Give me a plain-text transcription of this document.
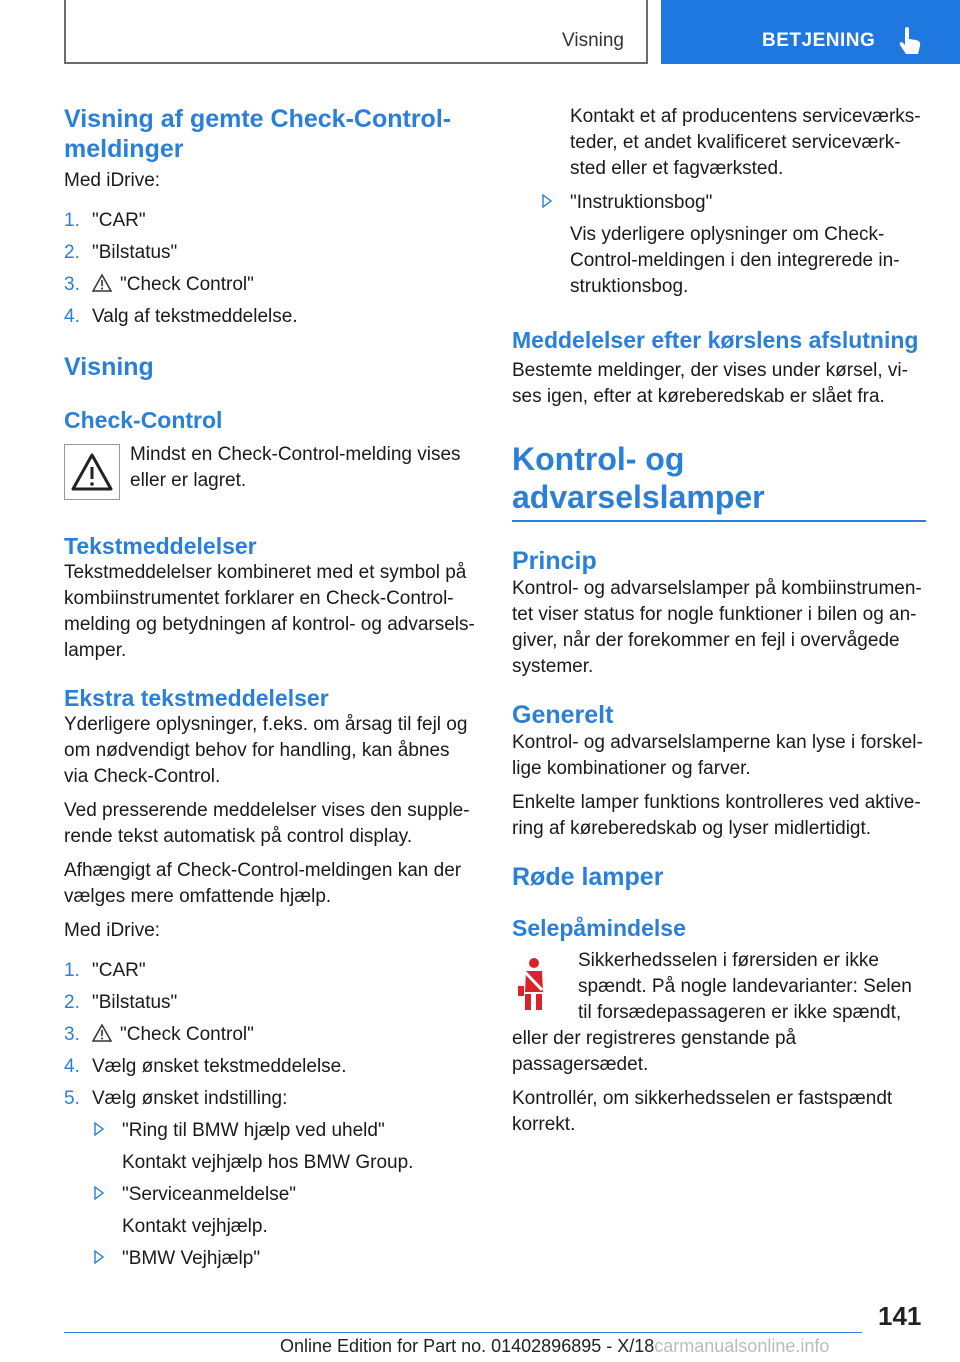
Visning	BETJENING
Visning af gemte Check-Control-meldinger

Med iDrive:

1. "CAR"
2. "Bilstatus"
3. "Check Control"
4. Valg af tekstmeddelelse.
Visning
Check-Control

Mindst en Check-Control-melding vises eller er lagret.

Tekstmeddelelser

Tekstmeddelelser kombineret med et symbol på kombiinstrumentet forklarer en Check-Control-melding og betydningen af kontrol- og advarsels-lamper.

Ekstra tekstmeddelelser

Yderligere oplysninger, f.eks. om årsag til fejl og om nødvendigt behov for handling, kan åbnes via Check-Control.

Ved presserende meddelelser vises den supple-rende tekst automatisk på control display.

Afhængigt af Check-Control-meldingen kan der vælges mere omfattende hjælp.

Med iDrive:

1. "CAR"
2. "Bilstatus"
3. "Check Control"
4. Vælg ønsket tekstmeddelelse.
5. Vælg ønsket indstilling:
"Ring til BMW hjælp ved uheld"
Kontakt vejhjælp hos BMW Group.
"Serviceanmeldelse"
Kontakt vejhjælp.
"BMW Vejhjælp"

Kontakt et af producentens serviceværks-teder, et andet kvalificeret serviceværk-sted eller et fagværksted.

"Instruktionsbog"
Vis yderligere oplysninger om Check-Control-meldingen i den integrerede in-struktionsbog.
Meddelelser efter kørslens afslutning

Bestemte meldinger, der vises under kørsel, vi-ses igen, efter at køreberedskab er slået fra.

Kontrol- og advarselslamper
Princip

Kontrol- og advarselslamper på kombiinstrumen-tet viser status for nogle funktioner i bilen og an-giver, når der forekommer en fejl i overvågede systemer.

Generelt

Kontrol- og advarselslamperne kan lyse i forskel-lige kombinationer og farver.

Enkelte lamper funktions kontrolleres ved aktive-ring af køreberedskab og lyser midlertidigt.

Røde lamper
Selepåmindelse

Sikkerhedsselen i førersiden er ikke spændt. På nogle landevarianter: Selen til forsædepassageren er ikke spændt, eller der registreres genstande på passagersædet.

Kontrollér, om sikkerhedsselen er fastspændt korrekt.

141
Online Edition for Part no. 01402896895 - X/18carmanualsonline.info
